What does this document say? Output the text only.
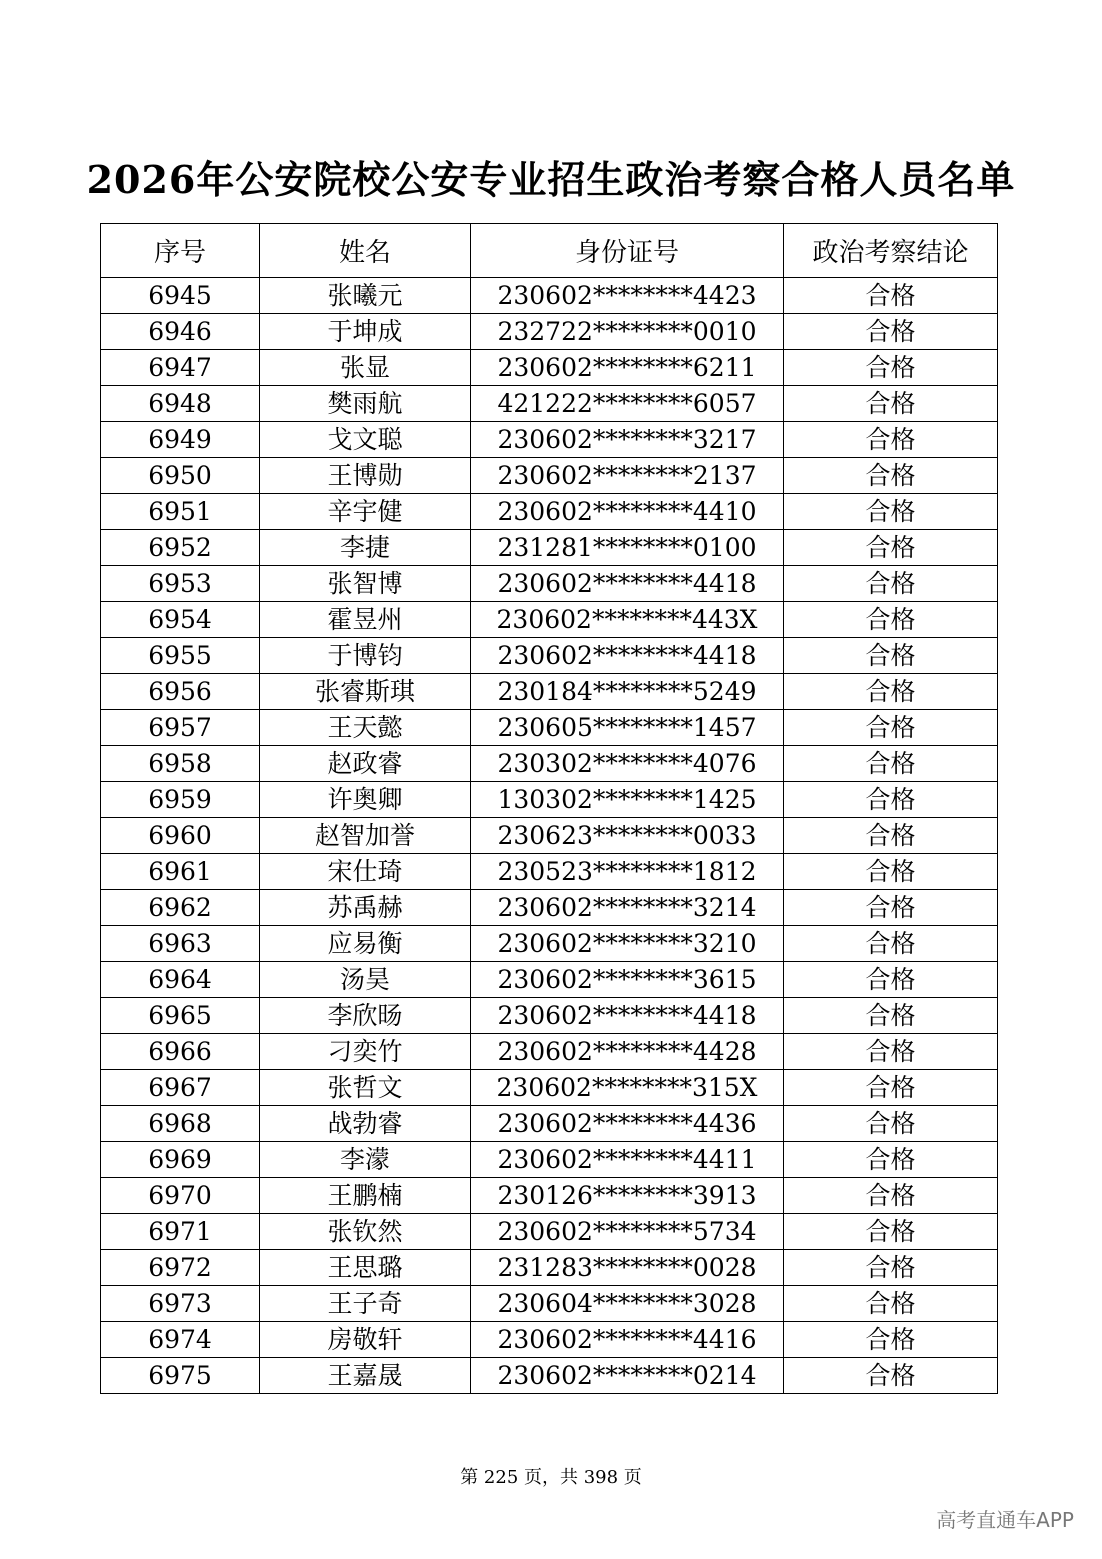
2026年公安院校公安专业招生政治考察合格人员名单
序号	姓名	身份证号	政治考察结论
6945	张曦元	230602********4423	合格
6946	于坤成	232722********0010	合格
6947	张显	230602********6211	合格
6948	樊雨航	421222********6057	合格
6949	戈文聪	230602********3217	合格
6950	王博勋	230602********2137	合格
6951	辛宇健	230602********4410	合格
6952	李捷	231281********0100	合格
6953	张智博	230602********4418	合格
6954	霍昱州	230602********443X	合格
6955	于博钧	230602********4418	合格
6956	张睿斯琪	230184********5249	合格
6957	王天懿	230605********1457	合格
6958	赵政睿	230302********4076	合格
6959	许奥卿	130302********1425	合格
6960	赵智加誉	230623********0033	合格
6961	宋仕琦	230523********1812	合格
6962	苏禹赫	230602********3214	合格
6963	应易衡	230602********3210	合格
6964	汤昊	230602********3615	合格
6965	李欣旸	230602********4418	合格
6966	刁奕竹	230602********4428	合格
6967	张哲文	230602********315X	合格
6968	战勃睿	230602********4436	合格
6969	李濛	230602********4411	合格
6970	王鹏楠	230126********3913	合格
6971	张钦然	230602********5734	合格
6972	王思璐	231283********0028	合格
6973	王子奇	230604********3028	合格
6974	房敬轩	230602********4416	合格
6975	王嘉晟	230602********0214	合格
第 225 页，共 398 页
高考直通车APP
